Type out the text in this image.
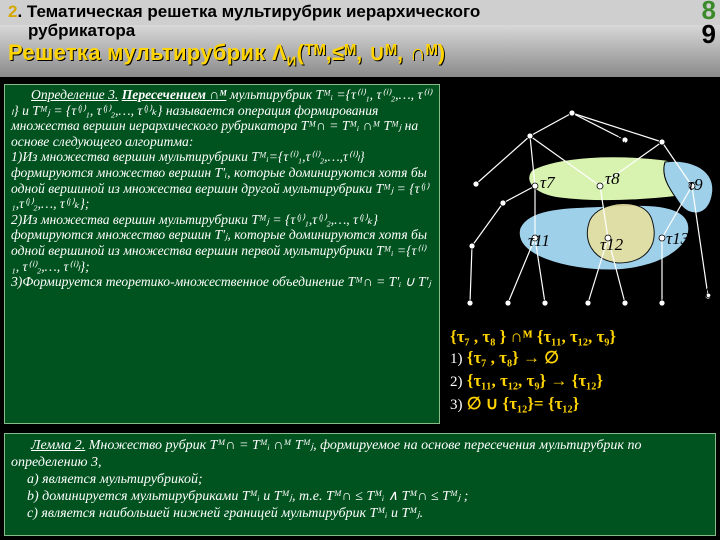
2. Тематическая решетка мультирубрик иерархического
рубрикатора
Решетка мультирубрик $\Lambda_И(ᵀᴹ,\le ᴹ$, ∪ᴹ, ∩ᴹ)
8
9
Определение 3. Пересечением ∩ᴹ мультирубрик Tᴹᵢ ={τ⁽ⁱ⁾₁, τ⁽ⁱ⁾₂,…, τ⁽ⁱ⁾ₗ} и Tᴹⱼ = {τ⁽ʲ⁾₁, τ⁽ʲ⁾₂,…, τ⁽ʲ⁾ₖ} называется операция формирования множества вершин иерархического рубрикатора Tᴹ∩ = Tᴹᵢ ∩ᴹ Tᴹⱼ на основе следующего алгоритма:
1)Из множества вершин мультирубрики Tᴹᵢ={τ⁽ⁱ⁾₁,τ⁽ⁱ⁾₂,…,τ⁽ⁱ⁾ₗ} формируются множество вершин T'ᵢ, которые доминируются хотя бы одной вершиной из множества вершин другой мультирубрики Tᴹⱼ = {τ⁽ʲ⁾₁,τ⁽ʲ⁾₂,…, τ⁽ʲ⁾ₖ};
2)Из множества вершин мультирубрики Tᴹⱼ = {τ⁽ʲ⁾₁,τ⁽ʲ⁾₂,…, τ⁽ʲ⁾ₖ} формируются множество вершин T'ⱼ, которые доминируются хотя бы одной вершиной из множества вершин первой мультирубрики Tᴹᵢ ={τ⁽ⁱ⁾₁, τ⁽ⁱ⁾₂,…, τ⁽ⁱ⁾ₗ};
3)Формируется теоретико-множественное объединение Tᴹ∩ = T'ᵢ ∪ T'ⱼ
τ1
τ2	τ3 τ4
τ5
τ6
τ7	τ8	τ9
τ10	τ11	τ12	τ13
τ14 τ15 τ16 τ17 τ18 τ19
τ20
{τ₇ , τ₈ } ∩ᴹ {τ₁₁, τ₁₂, τ₉}
1) {τ₇ , τ₈} → ∅
2) {τ₁₁, τ₁₂, τ₉} → {τ₁₂}
3) ∅ ∪ {τ₁₂}= {τ₁₂}
Лемма 2. Множество рубрик Tᴹ∩ = Tᴹᵢ ∩ᴹ Tᴹⱼ, формируемое на основе пересечения мультирубрик по определению 3,
a) является мультирубрикой;
b) доминируется мультирубриками Tᴹᵢ и Tᴹⱼ, т.е. Tᴹ∩ ≤ Tᴹᵢ ∧ Tᴹ∩ ≤ Tᴹⱼ ;
c) является наибольшей нижней границей мультирубрик Tᴹᵢ и Tᴹⱼ.
